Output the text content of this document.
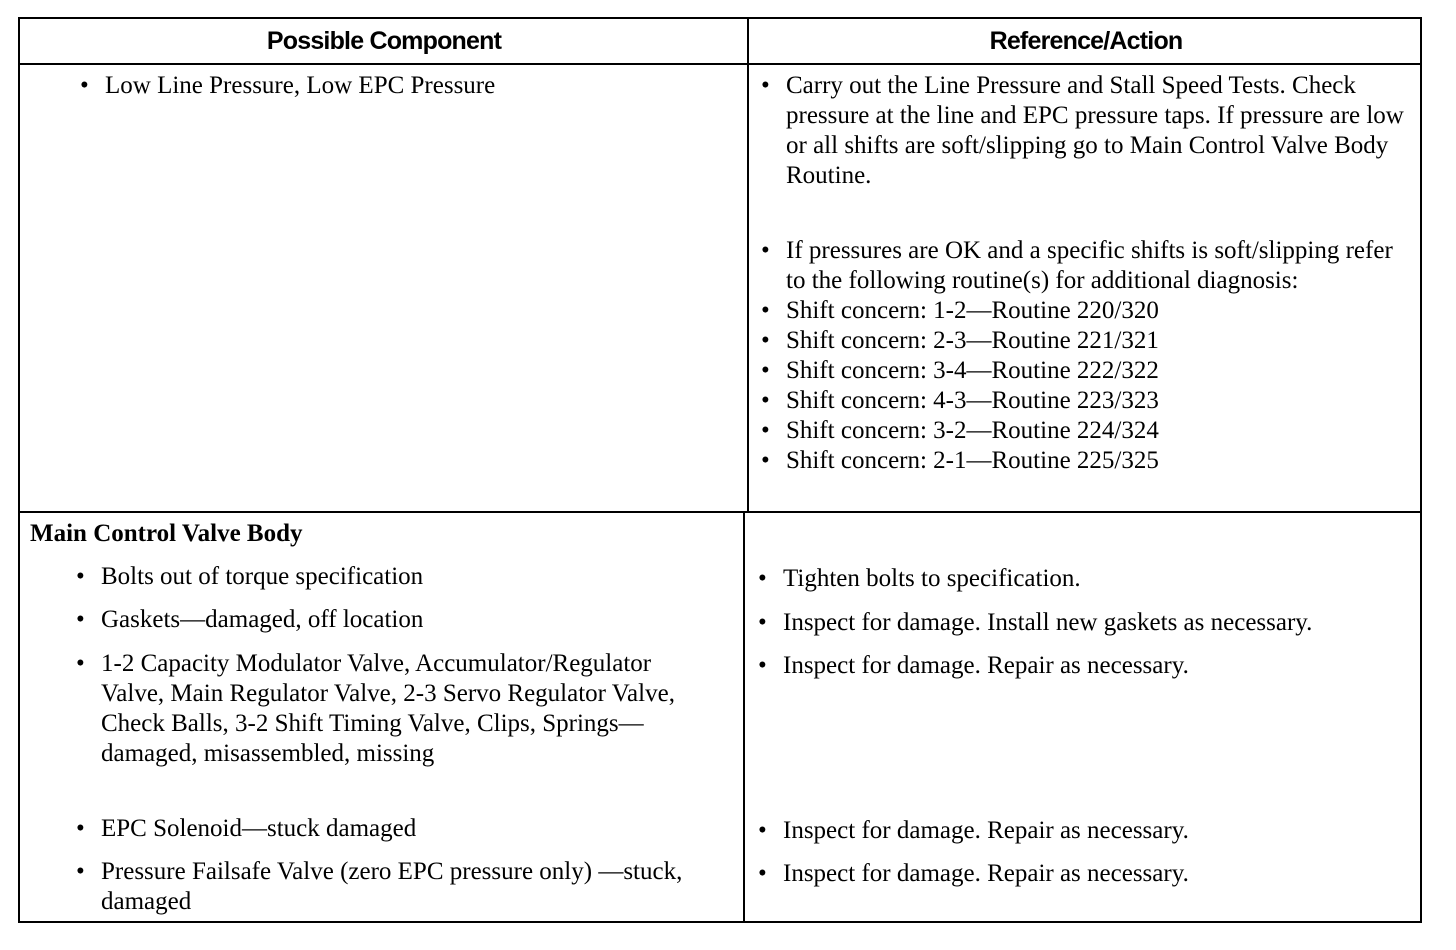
Possible Component	Reference/Action
• Low Line Pressure, Low EPC Pressure
•	Carry out the Line Pressure and Stall Speed Tests. Check pressure at the line and EPC pressure taps. If pressure are low or all shifts are soft/slipping go to Main Control Valve Body Routine.
• If pressures are OK and a specific shifts is soft/slipping refer to the following routine(s) for additional diagnosis:
• Shift concern: 1-2—Routine 220/320
• Shift concern: 2-3—Routine 221/321
• Shift concern: 3-4—Routine 222/322
• Shift concern: 4-3—Routine 223/323
• Shift concern: 3-2—Routine 224/324
• Shift concern: 2-1—Routine 225/325
Main Control Valve Body
• Bolts out of torque specification
• Gaskets—damaged, off location
• 1-2 Capacity Modulator Valve, Accumulator/Regulator Valve, Main Regulator Valve, 2-3 Servo Regulator Valve, Check Balls, 3-2 Shift Timing Valve, Clips, Springs—damaged, misassembled, missing
• EPC Solenoid—stuck damaged
• Pressure Failsafe Valve (zero EPC pressure only) —stuck, damaged
• Tighten bolts to specification.
• Inspect for damage. Install new gaskets as necessary.
• Inspect for damage. Repair as necessary.
• Inspect for damage. Repair as necessary.
• Inspect for damage. Repair as necessary.
